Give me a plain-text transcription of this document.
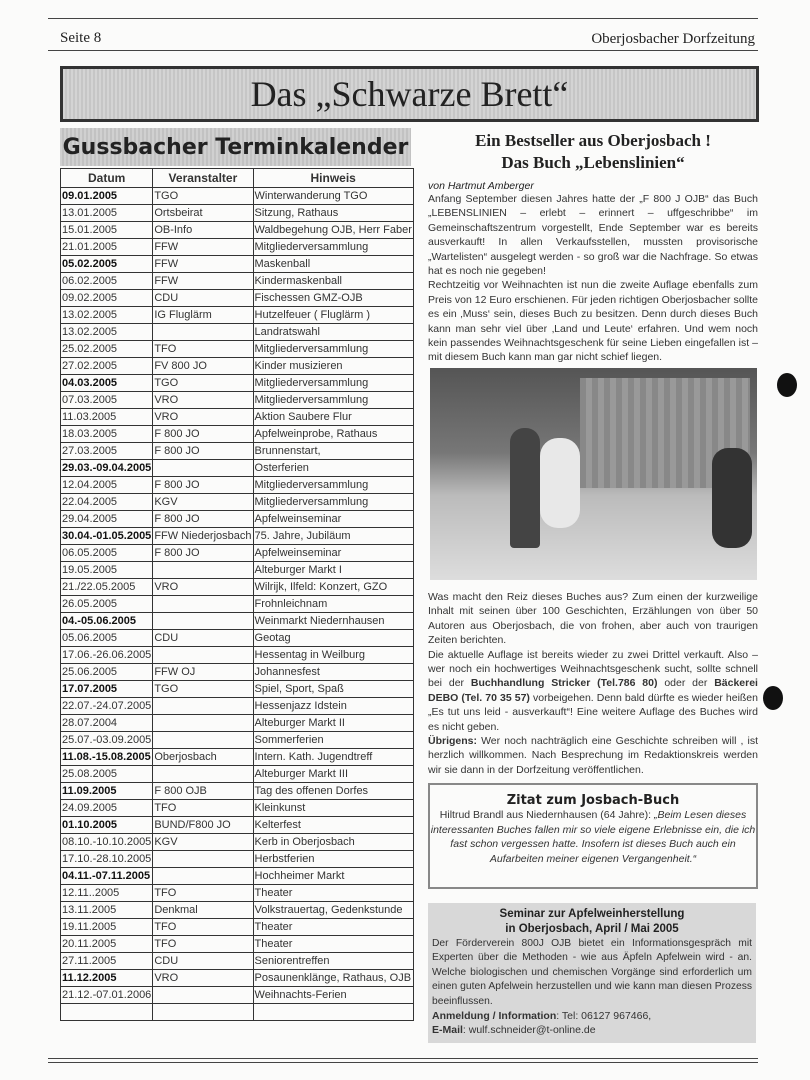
Seite 8	Oberjosbacher Dorfzeitung
Das „Schwarze Brett“
Gussbacher Terminkalender
Datum	Veranstalter	Hinweis
09.01.2005	TGO	Winterwanderung TGO
13.01.2005	Ortsbeirat	Sitzung, Rathaus
15.01.2005	OB-Info	Waldbegehung OJB, Herr Faber
21.01.2005	FFW	Mitgliederversammlung
05.02.2005	FFW	Maskenball
06.02.2005	FFW	Kindermaskenball
09.02.2005	CDU	Fischessen GMZ-OJB
13.02.2005	IG Fluglärm	Hutzelfeuer ( Fluglärm )
13.02.2005		Landratswahl
25.02.2005	TFO	Mitgliederversammlung
27.02.2005	FV 800 JO	Kinder musizieren
04.03.2005	TGO	Mitgliederversammlung
07.03.2005	VRO	Mitgliederversammlung
11.03.2005	VRO	Aktion Saubere Flur
18.03.2005	F 800 JO	Apfelweinprobe, Rathaus
27.03.2005	F 800 JO	Brunnenstart,
29.03.-09.04.2005		Osterferien
12.04.2005	F 800 JO	Mitgliederversammlung
22.04.2005	KGV	Mitgliederversammlung
29.04.2005	F 800 JO	Apfelweinseminar
30.04.-01.05.2005	FFW Niederjosbach	75. Jahre, Jubiläum
06.05.2005	F 800 JO	Apfelweinseminar
19.05.2005		Alteburger Markt I
21./22.05.2005	VRO	Wilrijk, Ilfeld: Konzert, GZO
26.05.2005		Frohnleichnam
04.-05.06.2005		Weinmarkt Niedernhausen
05.06.2005	CDU	Geotag
17.06.-26.06.2005		Hessentag in Weilburg
25.06.2005	FFW OJ	Johannesfest
17.07.2005	TGO	Spiel, Sport, Spaß
22.07.-24.07.2005		Hessenjazz Idstein
28.07.2004		Alteburger Markt II
25.07.-03.09.2005		Sommerferien
11.08.-15.08.2005	Oberjosbach	Intern. Kath. Jugendtreff
25.08.2005		Alteburger Markt III
11.09.2005	F 800 OJB	Tag des offenen Dorfes
24.09.2005	TFO	Kleinkunst
01.10.2005	BUND/F800 JO	Kelterfest
08.10.-10.10.2005	KGV	Kerb in Oberjosbach
17.10.-28.10.2005		Herbstferien
04.11.-07.11.2005		Hochheimer Markt
12.11..2005	TFO	Theater
13.11.2005	Denkmal	Volkstrauertag, Gedenkstunde
19.11.2005	TFO	Theater
20.11.2005	TFO	Theater
27.11.2005	CDU	Seniorentreffen
11.12.2005	VRO	Posaunenklänge, Rathaus, OJB
21.12.-07.01.2006		Weihnachts-Ferien

Ein Bestseller aus Oberjosbach !
Das Buch „Lebenslinien“
von Hartmut Amberger

Anfang September diesen Jahres hatte der „F 800 J OJB“ das Buch „LEBENSLINIEN – erlebt – erinnert – uffgeschribbe“ im Gemeinschaftszentrum vorgestellt, Ende September war es bereits ausverkauft! In allen Verkaufsstellen, mussten provisorische „Wartelisten“ ausgelegt werden - so groß war die Nachfrage. So etwas hat es noch nie gegeben!

Rechtzeitig vor Weihnachten ist nun die zweite Auflage ebenfalls zum Preis von 12 Euro erschienen. Für jeden richtigen Oberjosbacher sollte es ein ‚Muss‘ sein, dieses Buch zu besitzen. Denn durch dieses Buch kann man sehr viel über ‚Land und Leute‘ erfahren. Und wem noch kein passendes Weihnachtsgeschenk für seine Lieben eingefallen ist – mit diesem Buch kann man gar nicht schief liegen.

Was macht den Reiz dieses Buches aus? Zum einen der kurzweilige Inhalt mit seinen über 100 Geschichten, Erzählungen von über 50 Autoren aus Oberjosbach, die von frohen, aber auch von traurigen Zeiten berichten.

Die aktuelle Auflage ist bereits wieder zu zwei Drittel verkauft. Also – wer noch ein hochwertiges Weihnachtsgeschenk sucht, sollte schnell bei der Buchhandlung Stricker (Tel.786 80) oder der Bäckerei DEBO (Tel. 70 35 57) vorbeigehen. Denn bald dürfte es wieder heißen „Es tut uns leid - ausverkauft“! Eine weitere Auflage des Buches wird es nicht geben.

Übrigens: Wer noch nachträglich eine Geschichte schreiben will , ist herzlich willkommen. Nach Besprechung im Redaktionskreis werden wir sie dann in der Dorfzeitung veröffentlichen.

Zitat zum Josbach-Buch
Hiltrud Brandl aus Niedernhausen (64 Jahre): „Beim Lesen dieses interessanten Buches fallen mir so viele eigene Erlebnisse ein, die ich fast schon vergessen hatte. Insofern ist dieses Buch auch ein Aufarbeiten meiner eigenen Vergangenheit.“
Seminar zur Apfelweinherstellung
in Oberjosbach, April / Mai 2005

Der Förderverein 800J OJB bietet ein Informationsgespräch mit Experten über die Methoden - wie aus Äpfeln Apfelwein wird - an. Welche biologischen und chemischen Vorgänge sind erforderlich um einen guten Apfelwein herzustellen und wie kann man diesen Prozess beeinflussen.

Anmeldung / Information: Tel: 06127 967466,
E-Mail: wulf.schneider@t-online.de
